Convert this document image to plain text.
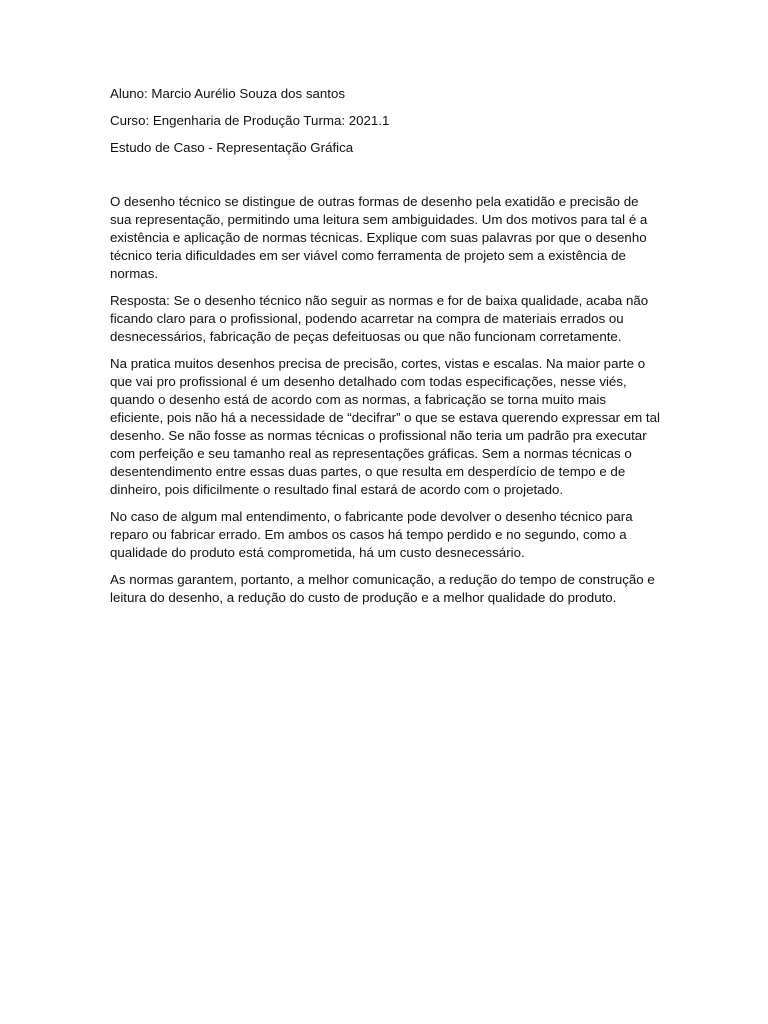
Aluno: Marcio Aurélio Souza dos santos

Curso: Engenharia de Produção Turma: 2021.1

Estudo de Caso - Representação Gráfica

O desenho técnico se distingue de outras formas de desenho pela exatidão e precisão de sua representação, permitindo uma leitura sem ambiguidades. Um dos motivos para tal é a existência e aplicação de normas técnicas. Explique com suas palavras por que o desenho técnico teria dificuldades em ser viável como ferramenta de projeto sem a existência de normas.

Resposta: Se o desenho técnico não seguir as normas e for de baixa qualidade, acaba não ficando claro para o profissional, podendo acarretar na compra de materiais errados ou desnecessários, fabricação de peças defeituosas ou que não funcionam corretamente.

Na pratica muitos desenhos precisa de precisão, cortes, vistas e escalas. Na maior parte o que vai pro profissional é um desenho detalhado com todas especificações, nesse viés, quando o desenho está de acordo com as normas, a fabricação se torna muito mais eficiente, pois não há a necessidade de “decifrar” o que se estava querendo expressar em tal desenho. Se não fosse as normas técnicas o profissional não teria um padrão pra executar com perfeição e seu tamanho real as representações gráficas. Sem a normas técnicas o desentendimento entre essas duas partes, o que resulta em desperdício de tempo e de dinheiro, pois dificilmente o resultado final estará de acordo com o projetado.

No caso de algum mal entendimento, o fabricante pode devolver o desenho técnico para reparo ou fabricar errado. Em ambos os casos há tempo perdido e no segundo, como a qualidade do produto está comprometida, há um custo desnecessário.

As normas garantem, portanto, a melhor comunicação, a redução do tempo de construção e leitura do desenho, a redução do custo de produção e a melhor qualidade do produto.
